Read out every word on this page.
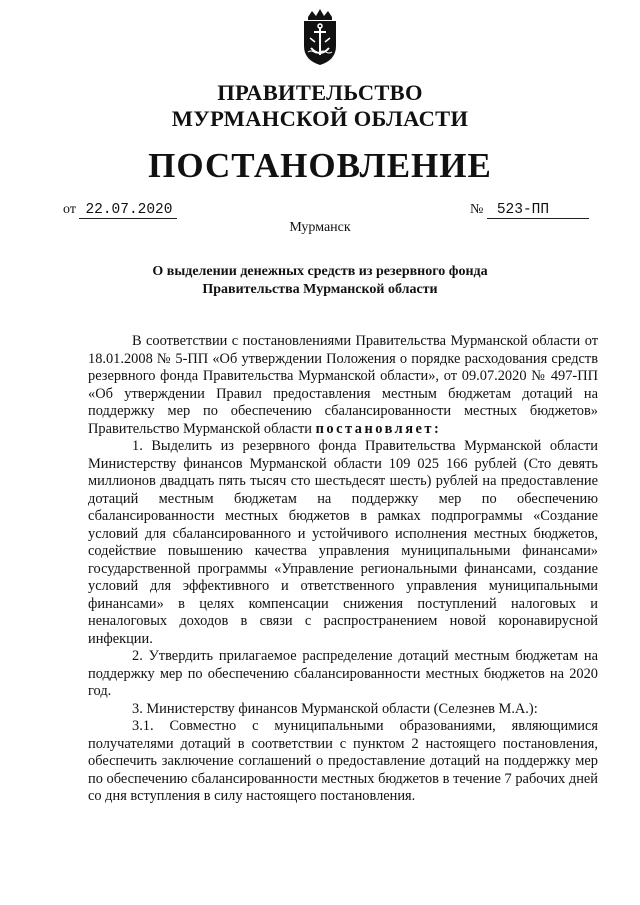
ПРАВИТЕЛЬСТВО
МУРМАНСКОЙ ОБЛАСТИ
ПОСТАНОВЛЕНИЕ
от 22.07.2020	№ 523-ПП
Мурманск
О выделении денежных средств из резервного фонда
Правительства Мурманской области

В соответствии с постановлениями Правительства Мурманской области от 18.01.2008 № 5-ПП «Об утверждении Положения о порядке расходования средств резервного фонда Правительства Мурманской области», от 09.07.2020 № 497-ПП «Об утверждении Правил предоставления местным бюджетам дотаций на поддержку мер по обеспечению сбалансированности местных бюджетов» Правительство Мурманской области постановляет:

1. Выделить из резервного фонда Правительства Мурманской области Министерству финансов Мурманской области 109 025 166 рублей (Сто девять миллионов двадцать пять тысяч сто шестьдесят шесть) рублей на предоставление дотаций местным бюджетам на поддержку мер по обеспечению сбалансированности местных бюджетов в рамках подпрограммы «Создание условий для сбалансированного и устойчивого исполнения местных бюджетов, содействие повышению качества управления муниципальными финансами» государственной программы «Управление региональными финансами, создание условий для эффективного и ответственного управления муниципальными финансами» в целях компенсации снижения поступлений налоговых и неналоговых доходов в связи с распространением новой коронавирусной инфекции.

2. Утвердить прилагаемое распределение дотаций местным бюджетам на поддержку мер по обеспечению сбалансированности местных бюджетов на 2020 год.

3. Министерству финансов Мурманской области (Селезнев М.А.):

3.1. Совместно с муниципальными образованиями, являющимися получателями дотаций в соответствии с пунктом 2 настоящего постановления, обеспечить заключение соглашений о предоставление дотаций на поддержку мер по обеспечению сбалансированности местных бюджетов в течение 7 рабочих дней со дня вступления в силу настоящего постановления.
